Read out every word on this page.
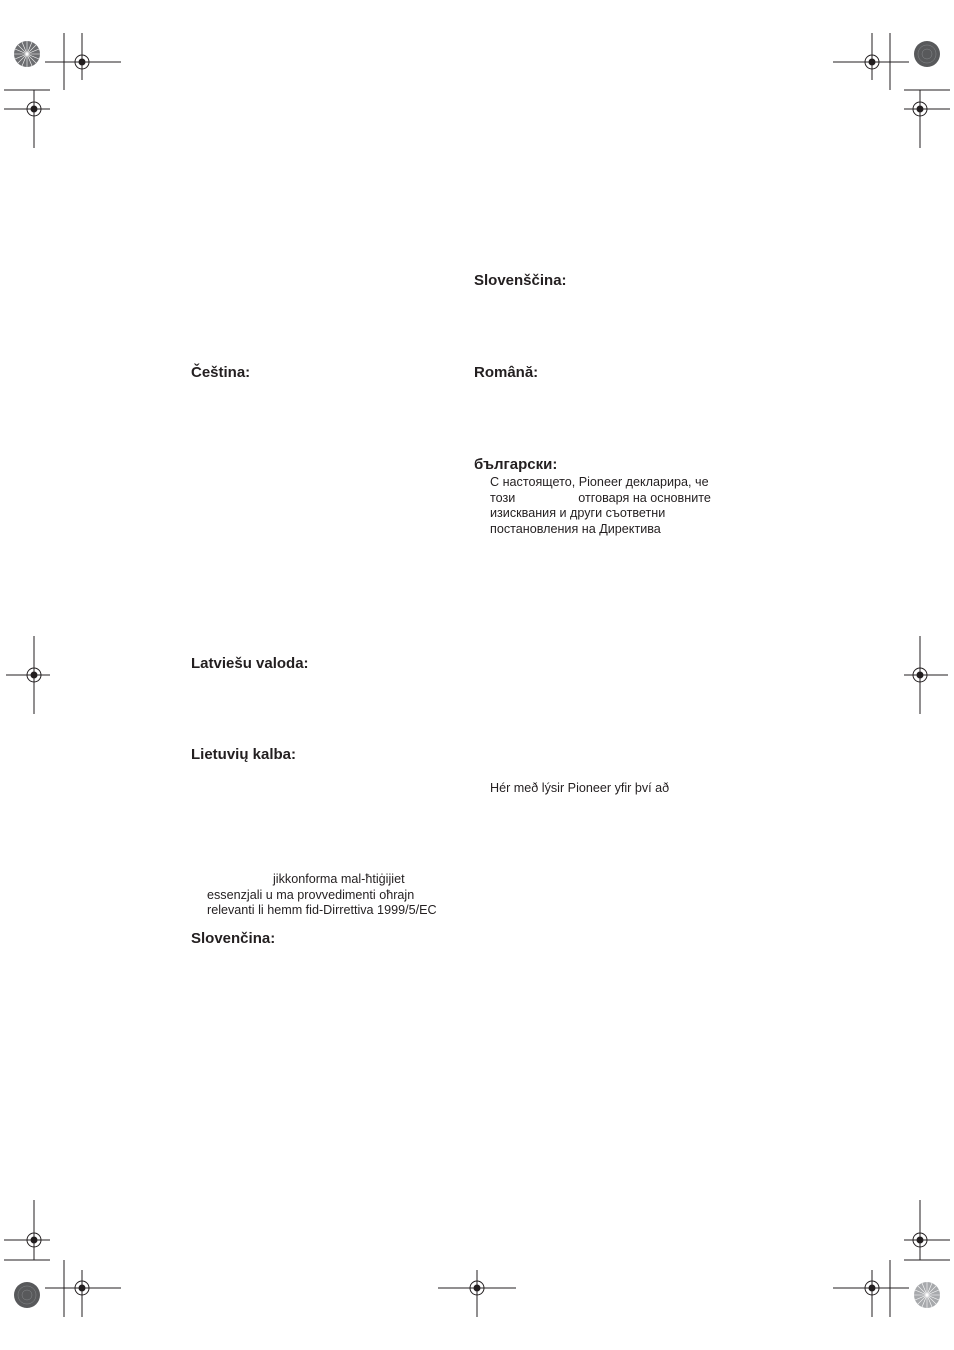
Čeština:
Latviešu valoda:
Lietuvių kalba:
jikkonforma mal-ħtiġijiet
essenzjali u ma provvedimenti oħrajn
relevanti li hemm fid-Dirrettiva 1999/5/EC
Slovenčina:
Slovenščina:
Română:
български:
С настоящето, Pioneer декларира, че
този                  отговаря на основните
изисквания и други съответни
постановления на Директива
Hér með lýsir Pioneer yfir því að
